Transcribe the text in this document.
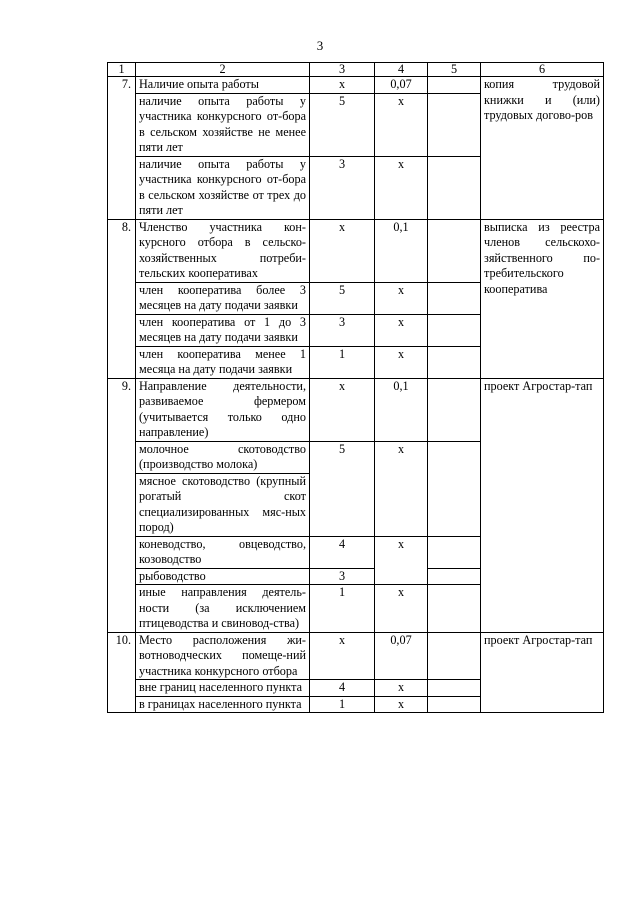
3
1	2	3	4	5	6
7.	Наличие опыта работы	х	0,07		копия трудовой книжки и (или) трудовых догово-ров
	наличие опыта работы у участника конкурсного от-бора в сельском хозяйстве не менее пяти лет	5	х		
	наличие опыта работы у участника конкурсного от-бора в сельском хозяйстве от трех до пяти лет	3	х		
8.	Членство участника кон-курсного отбора в сельско-хозяйственных потреби-тельских кооперативах	х	0,1		выписка из реестра членов сельскохо-зяйственного по-требительского кооператива
	член кооператива более 3 месяцев на дату подачи заявки	5	х		
	член кооператива от 1 до 3 месяцев на дату подачи заявки	3	х		
	член кооператива менее 1 месяца на дату подачи заявки	1	х		
9.	Направление деятельности, развиваемое фермером (учитывается только одно направление)	х	0,1		проект Агростар-тап
	молочное скотоводство (производство молока)	5	х		
	мясное скотоводство (крупный рогатый скот специализированных мяс-ных пород)				
	коневодство, овцеводство, козоводство	4	х		
	рыбоводство	3			
	иные направления деятель-ности (за исключением птицеводства и свиновод-ства)	1	х		
10.	Место расположения жи-вотноводческих помеще-ний участника конкурсного отбора	х	0,07		проект Агростар-тап
	вне границ населенного пункта	4	х		
	в границах населенного пункта	1	х		
